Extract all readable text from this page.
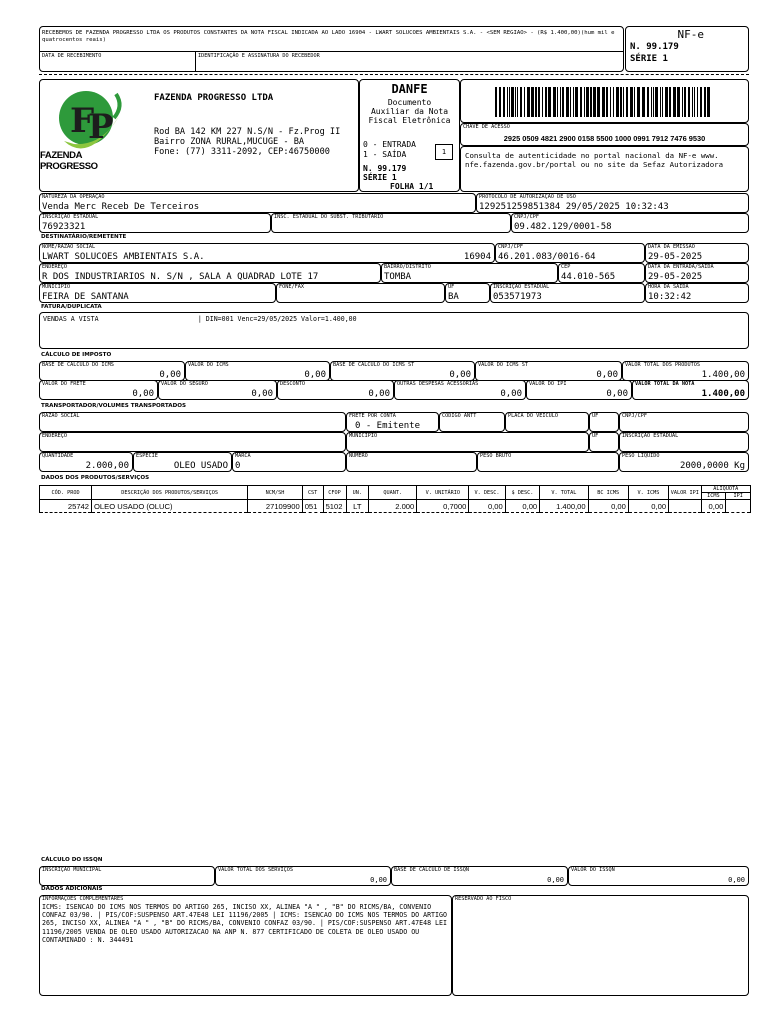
RECEBEMOS DE FAZENDA PROGRESSO LTDA OS PRODUTOS CONSTANTES DA NOTA FISCAL INDICADA AO LADO 16904 - LWART SOLUCOES AMBIENTAIS S.A. - <SEM REGIAO> - (R$ 1.400,00)(hum mil e quatrocentos reais)
DATA DE RECEBIMENTO	IDENTIFICAÇÃO E ASSINATURA DO RECEBEDOR
NF-e
N. 99.179
SÉRIE 1
F
P
FAZENDA PROGRESSO
FAZENDA PROGRESSO LTDA
Rod BA 142 KM 227 N.S/N - Fz.Prog II
Bairro ZONA RURAL,MUCUGE - BA
Fone: (77) 3311-2092, CEP:46750000
DANFE
Documento
Auxiliar da Nota
Fiscal Eletrônica
0 - ENTRADA
1 - SAÍDA	1
N. 99.179
SÉRIE 1
FOLHA 1/1
CHAVE DE ACESSO
2925 0509 4821 2900 0158 5500 1000 0991 7912 7476 9530
Consulta de autenticidade no portal nacional da NF-e www. nfe.fazenda.gov.br/portal ou no site da Sefaz Autorizadora
NATUREZA DA OPERAÇÃO
Venda Merc Receb De Terceiros
PROTOCOLO DE AUTORIZAÇÃO DE USO
129251259851384 29/05/2025 10:32:43
INSCRIÇÃO ESTADUAL
76923321
INSC. ESTADUAL DO SUBST. TRIBUTÁRIO	CNPJ/CPF
09.482.129/0001-58
DESTINATÁRIO/REMETENTE
NOME/RAZÃO SOCIAL
LWART SOLUCOES AMBIENTAIS S.A.	16904
CNPJ/CPF
46.201.083/0016-64
DATA DA EMISSÃO
29-05-2025
ENDEREÇO
R DOS INDUSTRIARIOS N. S/N , SALA A QUADRAD LOTE 17
BAIRRO/DISTRITO
TOMBA
CEP
44.010-565
DATA DA ENTRADA/SAÍDA
29-05-2025
MUNICÍPIO
FEIRA DE SANTANA
FONE/FAX	UF
BA
INSCRIÇÃO ESTADUAL
053571973
HORA DA SAÍDA
10:32:42
FATURA/DUPLICATA
VENDAS A VISTA                         | DIN=001 Venc=29/05/2025 Valor=1.400,00
CÁLCULO DE IMPOSTO
BASE DE CÁLCULO DO ICMS
0,00
VALOR DO ICMS
0,00
BASE DE CÁLCULO DO ICMS ST
0,00
VALOR DO ICMS ST
0,00
VALOR TOTAL DOS PRODUTOS
1.400,00
VALOR DO FRETE
0,00
VALOR DO SEGURO
0,00
DESCONTO
0,00
OUTRAS DESPESAS ACESSÓRIAS
0,00
VALOR DO IPI
0,00
VALOR TOTAL DA NOTA
1.400,00
TRANSPORTADOR/VOLUMES TRANSPORTADOS
RAZÃO SOCIAL	FRETE POR CONTA
0 - Emitente
CÓDIGO ANTT	PLACA DO VEÍCULO	UF	CNPJ/CPF
ENDEREÇO	MUNICÍPIO	UF	INSCRIÇÃO ESTADUAL
QUANTIDADE
2.000,00
ESPÉCIE
OLEO USADO
MARCA
0
NÚMERO	PESO BRUTO	PESO LÍQUIDO
2000,0000 Kg
DADOS DOS PRODUTOS/SERVIÇOS
CÓD. PROD	DESCRIÇÃO DOS PRODUTOS/SERVIÇOS	NCM/SH	CST	CFOP	UN.	QUANT.	V. UNITÁRIO	V. DESC.	$ DESC.	V. TOTAL	BC ICMS	V. ICMS	VALOR IPI	ALÍQUOTA	
														ICMS	IPI
25742	OLEO USADO (OLUC)	27109900	051	5102	LT	2.000	0,7000	0,00	0,00	1.400,00	0,00	0,00		0,00	
CÁLCULO DO ISSQN
INSCRIÇÃO MUNICIPAL	VALOR TOTAL DOS SERVIÇOS
0,00
BASE DE CÁLCULO DE ISSQN
0,00
VALOR DO ISSQN
0,00
DADOS ADICIONAIS
INFORMAÇÕES COMPLEMENTARES
ICMS: ISENCAO DO ICMS NOS TERMOS DO ARTIGO 265, INCISO XX, ALINEA "A " , "B" DO RICMS/BA, CONVENIO CONFAZ 03/90. | PIS/COF:SUSPENSO ART.47E48 LEI 11196/2005 | ICMS: ISENCAO DO ICMS NOS TERMOS DO ARTIGO 265, INCISO XX, ALINEA "A " , "B" DO RICMS/BA, CONVENIO CONFAZ 03/90. | PIS/COF:SUSPENSO ART.47E48 LEI 11196/2005 VENDA DE OLEO USADO AUTORIZACAO NA ANP N. 877 CERTIFICADO DE COLETA DE OLEO USADO OU CONTAMINADO : N. 344491
RESERVADO AO FISCO
